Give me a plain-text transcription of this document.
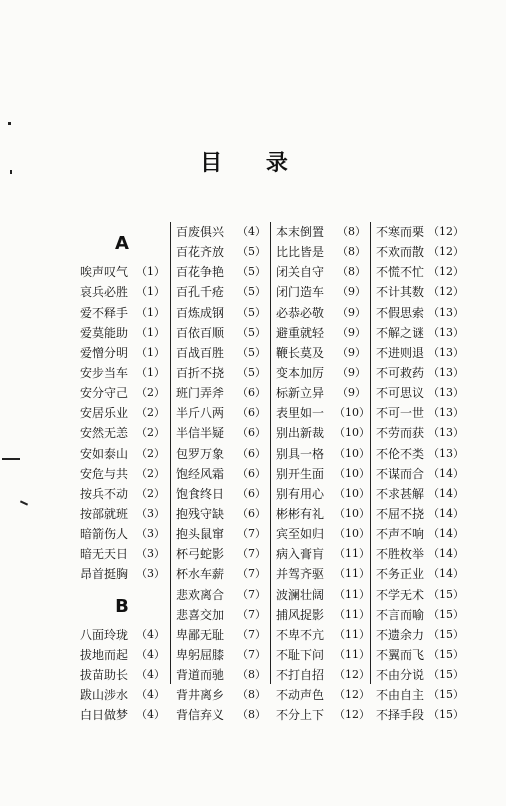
目 录
A
唉声叹气 （1）
哀兵必胜 （1）
爱不释手 （1）
爱莫能助 （1）
爱憎分明 （1）
安步当车 （1）
安分守己 （2）
安居乐业 （2）
安然无恙 （2）
安如泰山 （2）
安危与共 （2）
按兵不动 （2）
按部就班 （3）
暗箭伤人 （3）
暗无天日 （3）
昂首挺胸 （3）
B
八面玲珑 （4）
拔地而起 （4）
拔苗助长 （4）
跋山涉水 （4）
白日做梦 （4）
百废俱兴	（4）
百花齐放	（5）
百花争艳	（5）
百孔千疮	（5）
百炼成钢	（5）
百依百顺	（5）
百战百胜	（5）
百折不挠	（5）
班门弄斧	（6）
半斤八两	（6）
半信半疑	（6）
包罗万象	（6）
饱经风霜	（6）
饱食终日	（6）
抱残守缺	（6）
抱头鼠窜	（7）
杯弓蛇影	（7）
杯水车薪	（7）
悲欢离合	（7）
悲喜交加	（7）
卑鄙无耻	（7）
卑躬屈膝	（7）
背道而驰	（8）
背井离乡	（8）
背信弃义	（8）
本末倒置	（8）
比比皆是	（8）
闭关自守	（8）
闭门造车	（9）
必恭必敬	（9）
避重就轻	（9）
鞭长莫及	（9）
变本加厉	（9）
标新立异	（9）
表里如一 （10）
别出新裁 （10）
别具一格 （10）
别开生面 （10）
别有用心 （10）
彬彬有礼 （10）
宾至如归 （10）
病入膏肓 （11）
并驾齐驱 （11）
波澜壮阔 （11）
捕风捉影 （11）
不卑不亢 （11）
不耻下问 （11）
不打自招 （12）
不动声色 （12）
不分上下 （12）
不寒而栗 （12）
不欢而散 （12）
不慌不忙 （12）
不计其数 （12）
不假思索 （13）
不解之谜 （13）
不进则退 （13）
不可救药 （13）
不可思议 （13）
不可一世 （13）
不劳而获 （13）
不伦不类 （13）
不谋而合 （14）
不求甚解 （14）
不屈不挠 （14）
不声不响 （14）
不胜枚举 （14）
不务正业 （14）
不学无术 （15）
不言而喻 （15）
不遗余力 （15）
不翼而飞 （15）
不由分说 （15）
不由自主 （15）
不择手段 （15）
